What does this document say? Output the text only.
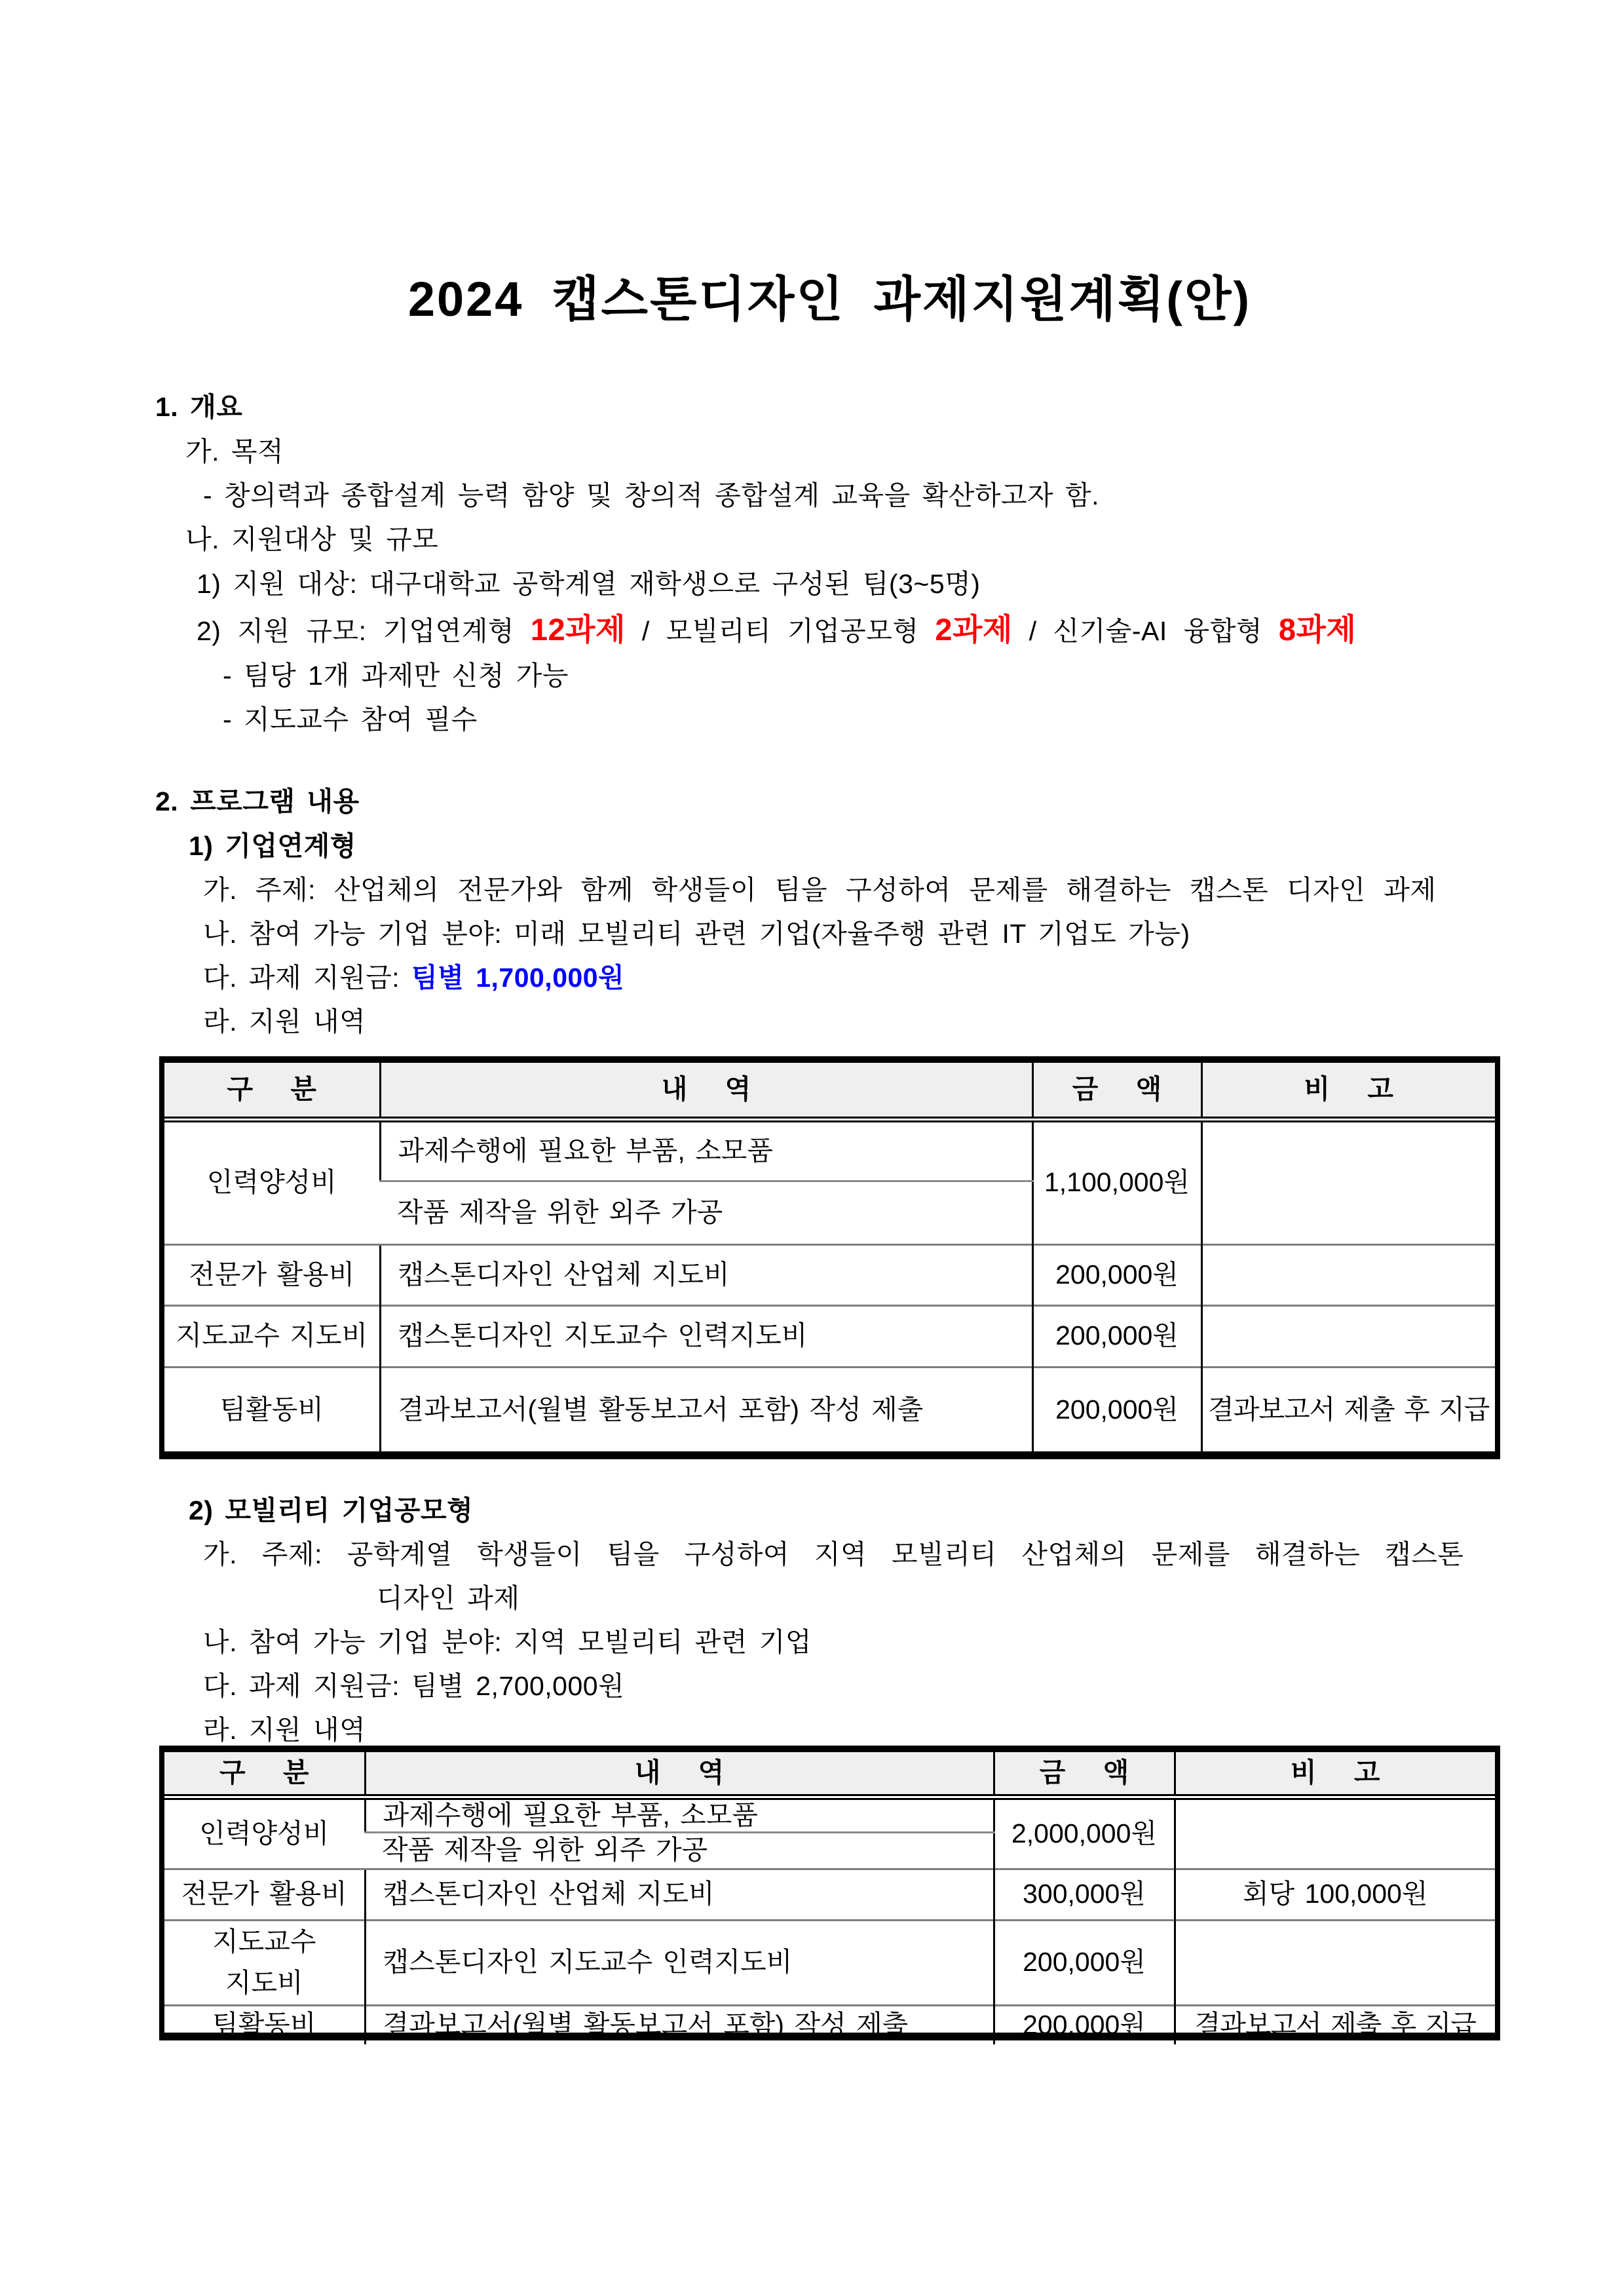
2024 캡스톤디자인 과제지원계획(안)
1. 개요
가. 목적
- 창의력과 종합설계 능력 함양 및 창의적 종합설계 교육을 확산하고자 함.
나. 지원대상 및 규모
1) 지원 대상: 대구대학교 공학계열 재학생으로 구성된 팀(3~5명)
2) 지원 규모: 기업연계형 12과제 / 모빌리티 기업공모형 2과제 / 신기술-AI 융합형 8과제
- 팀당 1개 과제만 신청 가능
- 지도교수 참여 필수
2. 프로그램 내용
1) 기업연계형
가. 주제: 산업체의 전문가와 함께 학생들이 팀을 구성하여 문제를 해결하는 캡스톤 디자인 과제
나. 참여 가능 기업 분야: 미래 모빌리티 관련 기업(자율주행 관련 IT 기업도 가능)
다. 과제 지원금: 팀별 1,700,000원
라. 지원 내역
구 분	내 역	금 액	비 고
인력양성비	과제수행에 필요한 부품, 소모품	1,100,000원	
	작품 제작을 위한 외주 가공		
전문가 활용비	캡스톤디자인 산업체 지도비	200,000원	
지도교수 지도비	캡스톤디자인 지도교수 인력지도비	200,000원	
팀활동비	결과보고서(월별 활동보고서 포함) 작성 제출	200,000원	결과보고서 제출 후 지급
2) 모빌리티 기업공모형
가. 주제: 공학계열 학생들이 팀을 구성하여 지역 모빌리티 산업체의 문제를 해결하는 캡스톤
디자인 과제
나. 참여 가능 기업 분야: 지역 모빌리티 관련 기업
다. 과제 지원금: 팀별 2,700,000원
라. 지원 내역
구 분	내 역	금 액	비 고
인력양성비	과제수행에 필요한 부품, 소모품	2,000,000원	
	작품 제작을 위한 외주 가공		
전문가 활용비	캡스톤디자인 산업체 지도비	300,000원	회당 100,000원
지도교수 지도비	캡스톤디자인 지도교수 인력지도비	200,000원	
팀활동비	결과보고서(월별 활동보고서 포함) 작성 제출	200,000원	결과보고서 제출 후 지급
